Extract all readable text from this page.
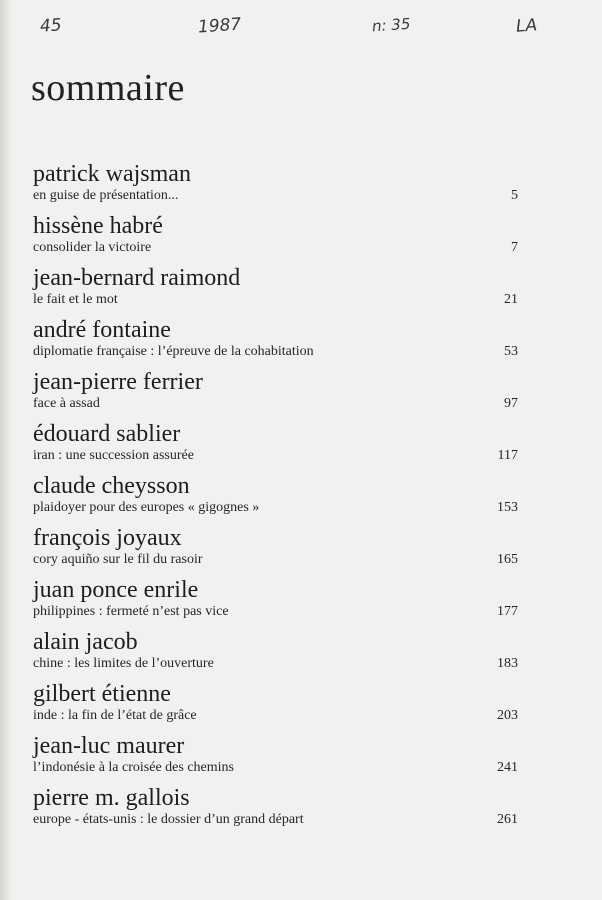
45	1987	n: 35	LA
sommaire
patrick wajsman
en guise de présentation...	5
hissène habré
consolider la victoire	7
jean-bernard raimond
le fait et le mot	21
andré fontaine
diplomatie française : l’épreuve de la cohabitation	53
jean-pierre ferrier
face à assad	97
édouard sablier
iran : une succession assurée	117
claude cheysson
plaidoyer pour des europes « gigognes »	153
françois joyaux
cory aquiño sur le fil du rasoir	165
juan ponce enrile
philippines : fermeté n’est pas vice	177
alain jacob
chine : les limites de l’ouverture	183
gilbert étienne
inde : la fin de l’état de grâce	203
jean-luc maurer
l’indonésie à la croisée des chemins	241
pierre m. gallois
europe - états-unis : le dossier d’un grand départ	261
